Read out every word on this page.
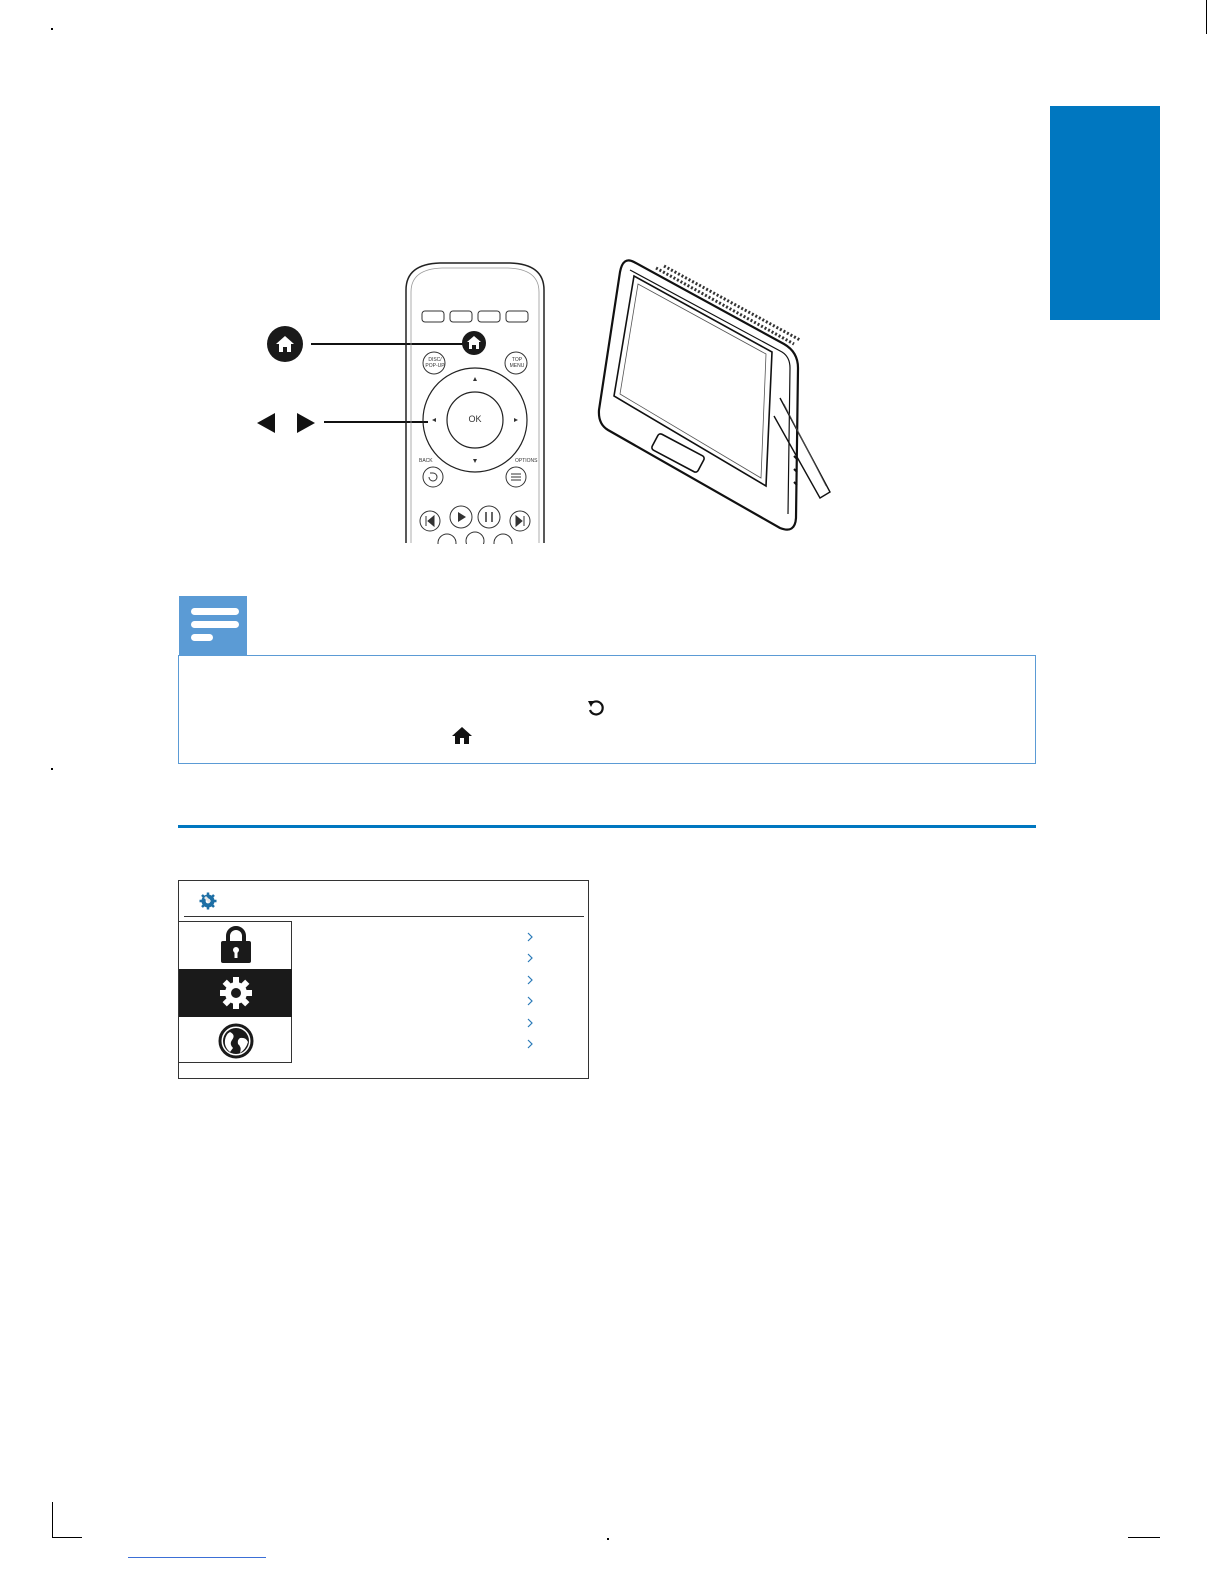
DISC/
POP-UP
TOP
MENU
OK
BACK	OPTIONS
